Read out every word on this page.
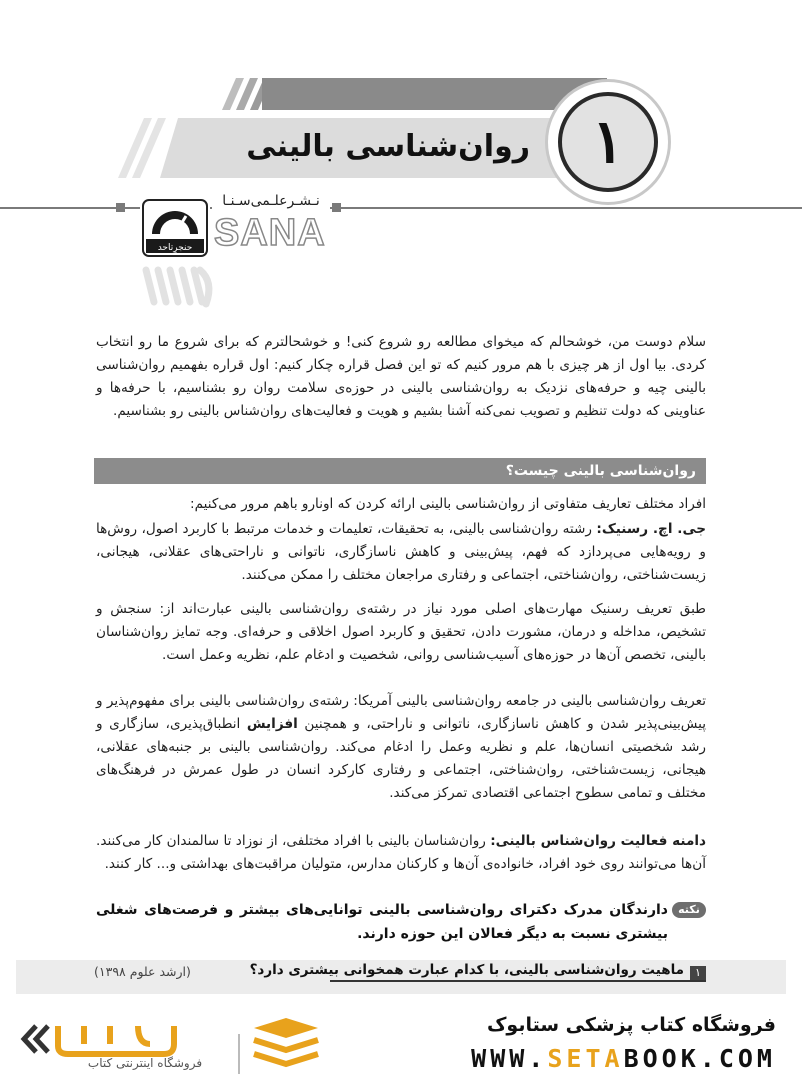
روان‌شناسی بالینی ۱
حنجرِتاحد
نـشـرعلـمی‌سـنـا
SANA
سلام دوست من، خوشحالم که میخوای مطالعه رو شروع کنی! و خوشحالترم که برای شروع ما رو انتخاب کردی. بیا اول از هر چیزی با هم مرور کنیم که تو این فصل قراره چکار کنیم: اول قراره بفهمیم روان‌شناسی بالینی چیه و حرفه‌های نزدیک به روان‌شناسی بالینی در حوزه‌ی سلامت روان رو بشناسیم، با حرفه‌ها و عناوینی که دولت تنظیم و تصویب نمی‌کنه آشنا بشیم و هویت و فعالیت‌های روان‌شناس بالینی رو بشناسیم.
روان‌شناسی بالینی چیست؟
افراد مختلف تعاریف متفاوتی از روان‌شناسی بالینی ارائه کردن که اونارو باهم مرور می‌کنیم:
جی. اچ. رسنیک: رشته روان‌شناسی بالینی، به تحقیقات، تعلیمات و خدمات مرتبط با کاربرد اصول، روش‌ها و رویه‌هایی می‌پردازد که فهم، پیش‌بینی و کاهش ناسازگاری، ناتوانی و ناراحتی‌های عقلانی، هیجانی، زیست‌شناختی، روان‌شناختی، اجتماعی و رفتاری مراجعان مختلف را ممکن می‌کنند.
طبق تعریف رسنیک مهارت‌های اصلی مورد نیاز در رشته‌ی روان‌شناسی بالینی عبارت‌اند از: سنجش و تشخیص، مداخله و درمان، مشورت دادن، تحقیق و کاربرد اصول اخلاقی و حرفه‌ای. وجه تمایز روان‌شناسان بالینی، تخصص آن‌ها در حوزه‌های آسیب‌شناسی روانی، شخصیت و ادغام علم، نظریه وعمل است.
تعریف روان‌شناسی بالینی در جامعه روان‌شناسی بالینی آمریکا: رشته‌ی روان‌شناسی بالینی برای مفهوم‌پذیر و پیش‌بینی‌پذیر شدن و کاهش ناسازگاری، ناتوانی و ناراحتی، و همچنین افزایش انطباق‌پذیری، سازگاری و رشد شخصیتی انسان‌ها، علم و نظریه وعمل را ادغام می‌کند. روان‌شناسی بالینی بر جنبه‌های عقلانی، هیجانی، زیست‌شناختی، روان‌شناختی، اجتماعی و رفتاری کارکرد انسان در طول عمرش در فرهنگ‌های مختلف و تمامی سطوح اجتماعی اقتصادی تمرکز می‌کند.
دامنه فعالیت روان‌شناس بالینی: روان‌شناسان بالینی با افراد مختلفی، از نوزاد تا سالمندان کار می‌کنند. آن‌ها می‌توانند روی خود افراد، خانواده‌ی آن‌ها و کارکنان مدارس، متولیان مراقبت‌های بهداشتی و... کار کنند.
نکته
دارندگان مدرک دکترای روان‌شناسی بالینی توانایی‌های بیشتر و فرصت‌های شغلی بیشتری نسبت به دیگر فعالان این حوزه دارند.
۱
ماهیت روان‌شناسی بالینی، با کدام عبارت همخوانی بیشتری دارد؟
(ارشد علوم ۱۳۹۸)
فروشگاه اینترنتی کتاب
فروشگاه کتاب پزشکی ستابوک
WWW.SETABOOK.COM
